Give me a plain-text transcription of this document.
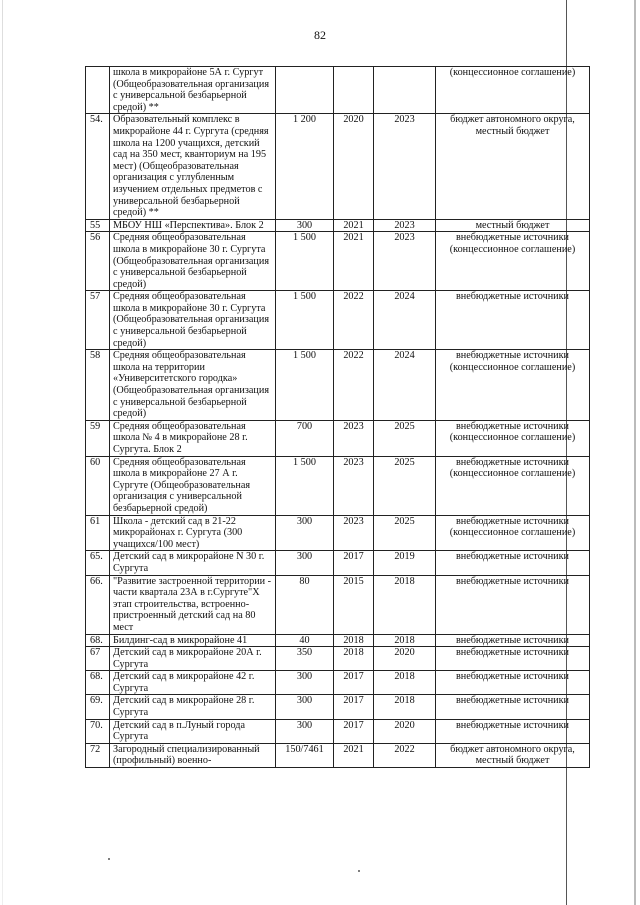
82
	школа в микрорайоне 5А г. Сургут (Общеобразовательная организация с универсальной безбарьерной средой) **				(концессионное соглашение)
54.	Образовательный комплекс в микрорайоне 44 г. Сургута (средняя школа на 1200 учащихся, детский сад на 350 мест, кванториум на 195 мест) (Общеобразовательная организация с углубленным изучением отдельных предметов с универсальной безбарьерной средой) **	1 200	2020	2023	бюджет автономного округа, местный бюджет
55	МБОУ НШ «Перспектива». Блок 2	300	2021	2023	местный бюджет
56	Средняя общеобразовательная школа в микрорайоне 30 г. Сургута (Общеобразовательная организация с универсальной безбарьерной средой)	1 500	2021	2023	внебюджетные источники (концессионное соглашение)
57	Средняя общеобразовательная школа в микрорайоне 30 г. Сургута (Общеобразовательная организация с универсальной безбарьерной средой)	1 500	2022	2024	внебюджетные источники
58	Средняя общеобразовательная школа на территории «Университетского городка» (Общеобразовательная организация с универсальной безбарьерной средой)	1 500	2022	2024	внебюджетные источники (концессионное соглашение)
59	Средняя общеобразовательная школа № 4 в микрорайоне 28 г. Сургута. Блок 2	700	2023	2025	внебюджетные источники (концессионное соглашение)
60	Средняя общеобразовательная школа в микрорайоне 27 А г. Сургуте (Общеобразовательная организация с универсальной безбарьерной средой)	1 500	2023	2025	внебюджетные источники (концессионное соглашение)
61	Школа - детский сад в 21-22 микрорайонах г. Сургута (300 учащихся/100 мест)	300	2023	2025	внебюджетные источники (концессионное соглашение)
65.	Детский сад в микрорайоне N 30 г. Сургута	300	2017	2019	внебюджетные источники
66.	"Развитие застроенной территории - части квартала 23А в г.Сургуте"Х этап строительства, встроенно-пристроенный детский сад на 80 мест	80	2015	2018	внебюджетные источники
68.	Билдинг-сад в микрорайоне 41	40	2018	2018	внебюджетные источники
67	Детский сад в микрорайоне 20А г. Сургута	350	2018	2020	внебюджетные источники
68.	Детский сад в микрорайоне 42 г. Сургута	300	2017	2018	внебюджетные источники
69.	Детский сад в микрорайоне 28 г. Сургута	300	2017	2018	внебюджетные источники
70.	Детский сад в п.Луный города Сургута	300	2017	2020	внебюджетные источники
72	Загородный специализированный (профильный) военно-	150/7461	2021	2022	бюджет автономного округа, местный бюджет
